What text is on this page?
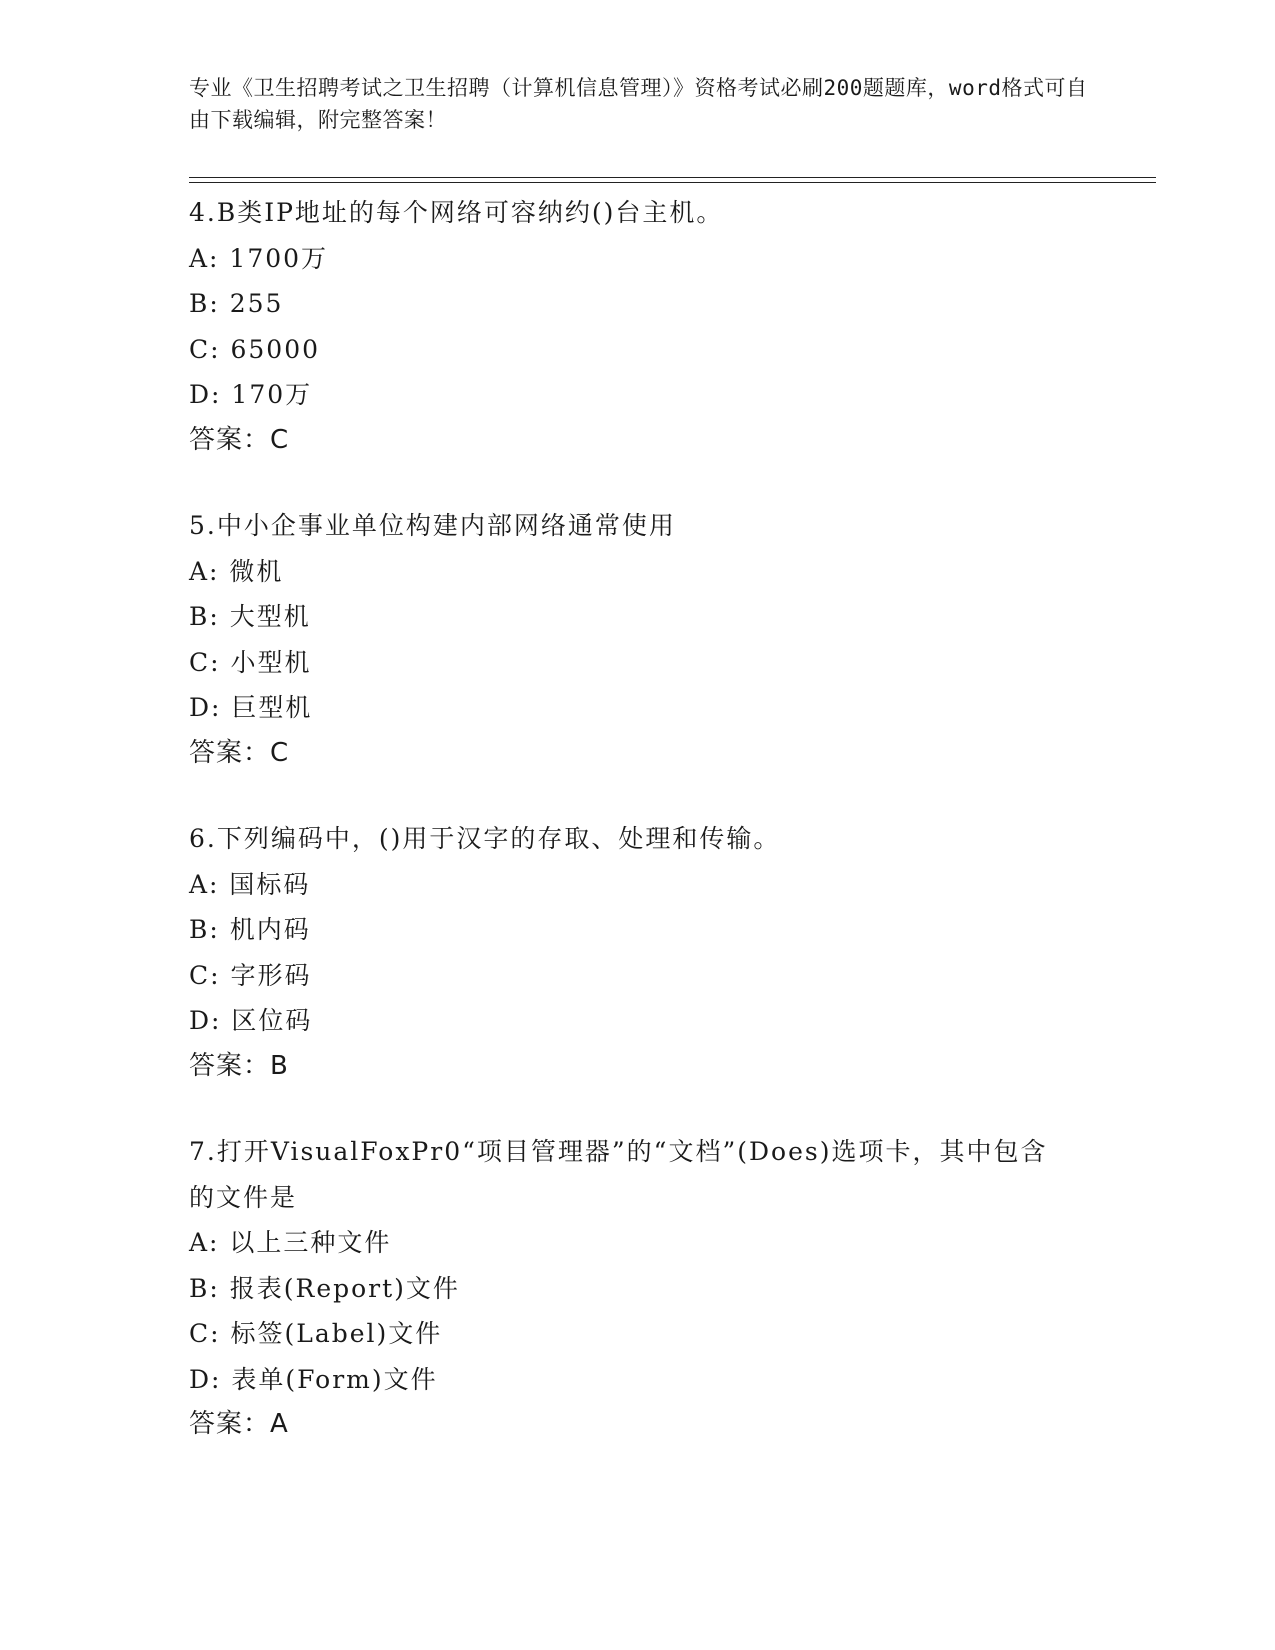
专业《卫生招聘考试之卫生招聘（计算机信息管理）》资格考试必刷200题题库，word格式可自由下载编辑，附完整答案！
4.B类IP地址的每个网络可容纳约()台主机。
A: 1700万
B: 255
C: 65000
D: 170万
答案：C
5.中小企事业单位构建内部网络通常使用
A: 微机
B: 大型机
C: 小型机
D: 巨型机
答案：C
6.下列编码中，()用于汉字的存取、处理和传输。
A: 国标码
B: 机内码
C: 字形码
D: 区位码
答案：B
7.打开VisualFoxPr0“项目管理器”的“文档”(Does)选项卡，其中包含的文件是
A: 以上三种文件
B: 报表(Report)文件
C: 标签(Label)文件
D: 表单(Form)文件
答案：A
